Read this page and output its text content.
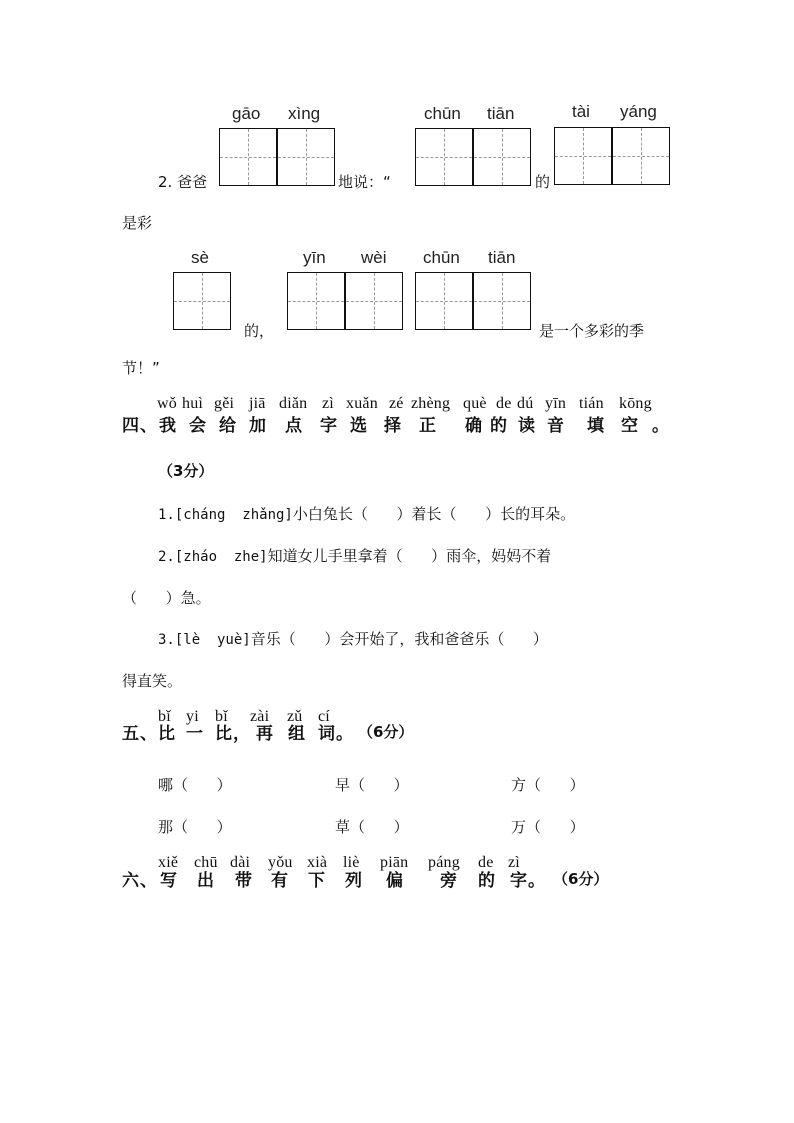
gāo xìng	chūn tiān	tài yáng
2. 爸爸	地说：“	的
是彩
sè	yīn wèi chūn tiān
的，	是一个多彩的季
节！”
wǒ huì gěi jiā diǎn zì xuǎn zé zhèng què de dú yīn tián kōng
四、 我 会 给 加 点 字 选 择 正 确 的 读 音 填 空 。
（3分）
1.[cháng  zhǎng]小白兔长（      ）着长（      ）长的耳朵。
2.[zháo  zhe]知道女儿手里拿着（      ）雨伞，妈妈不着
（      ）急。
3.[lè  yuè]音乐（      ）会开始了，我和爸爸乐（      ）
得直笑。
bǐ yi bǐ zài zǔ cí
五、 比 一 比， 再 组 词。 （6分）
哪（      ）	早（      ）	方（      ）
那（      ）	草（      ）	万（      ）
xiě chū dài yǒu xià liè piān páng de zì
六、 写 出 带 有 下 列 偏 旁 的 字。 （6分）
